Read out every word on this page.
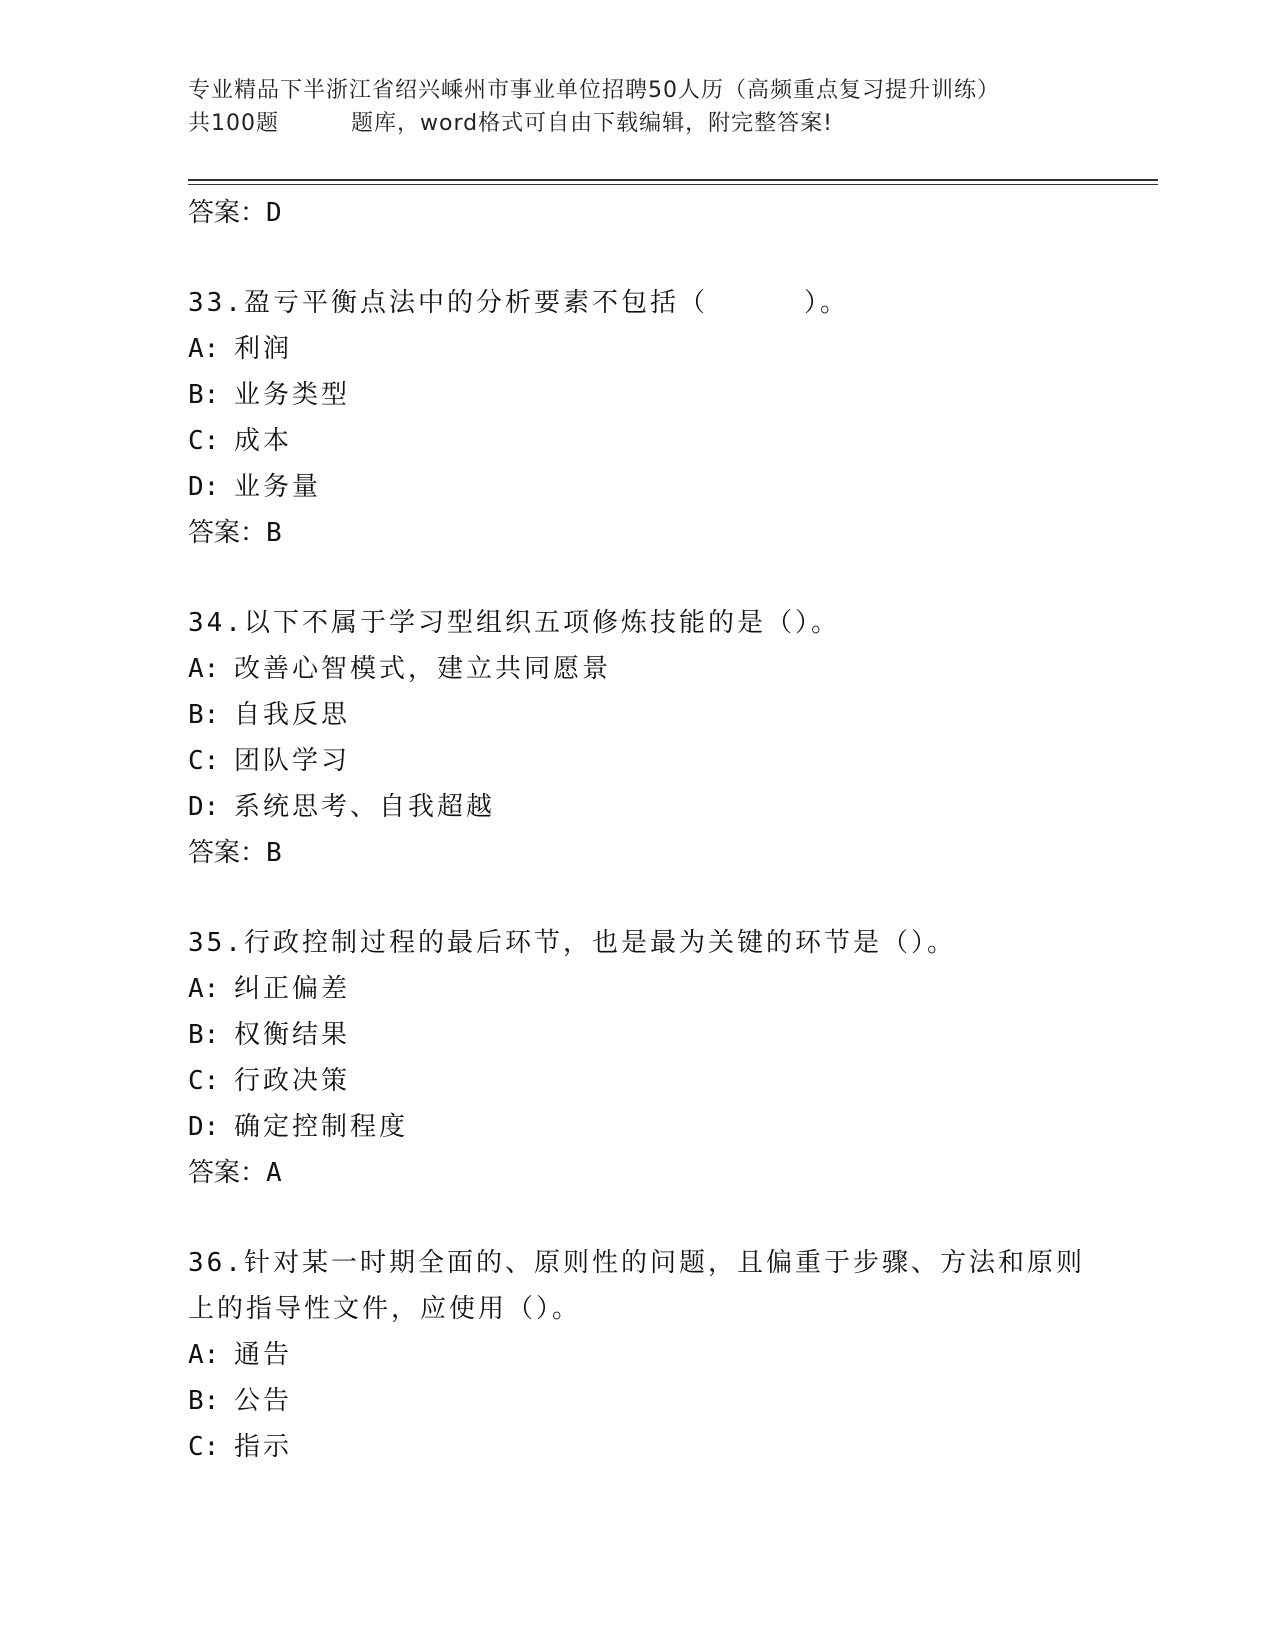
专业精品下半浙江省绍兴嵊州市事业单位招聘50人历（高频重点复习提升训练）
共100题	题库，word格式可自由下载编辑，附完整答案!
答案：D
33.盈亏平衡点法中的分析要素不包括（	）。
A: 利润
B: 业务类型
C: 成本
D: 业务量
答案：B
34.以下不属于学习型组织五项修炼技能的是（）。
A: 改善心智模式，建立共同愿景
B: 自我反思
C: 团队学习
D: 系统思考、自我超越
答案：B
35.行政控制过程的最后环节，也是最为关键的环节是（）。
A: 纠正偏差
B: 权衡结果
C: 行政决策
D: 确定控制程度
答案：A
36.针对某一时期全面的、原则性的问题，且偏重于步骤、方法和原则
上的指导性文件，应使用（）。
A: 通告
B: 公告
C: 指示
